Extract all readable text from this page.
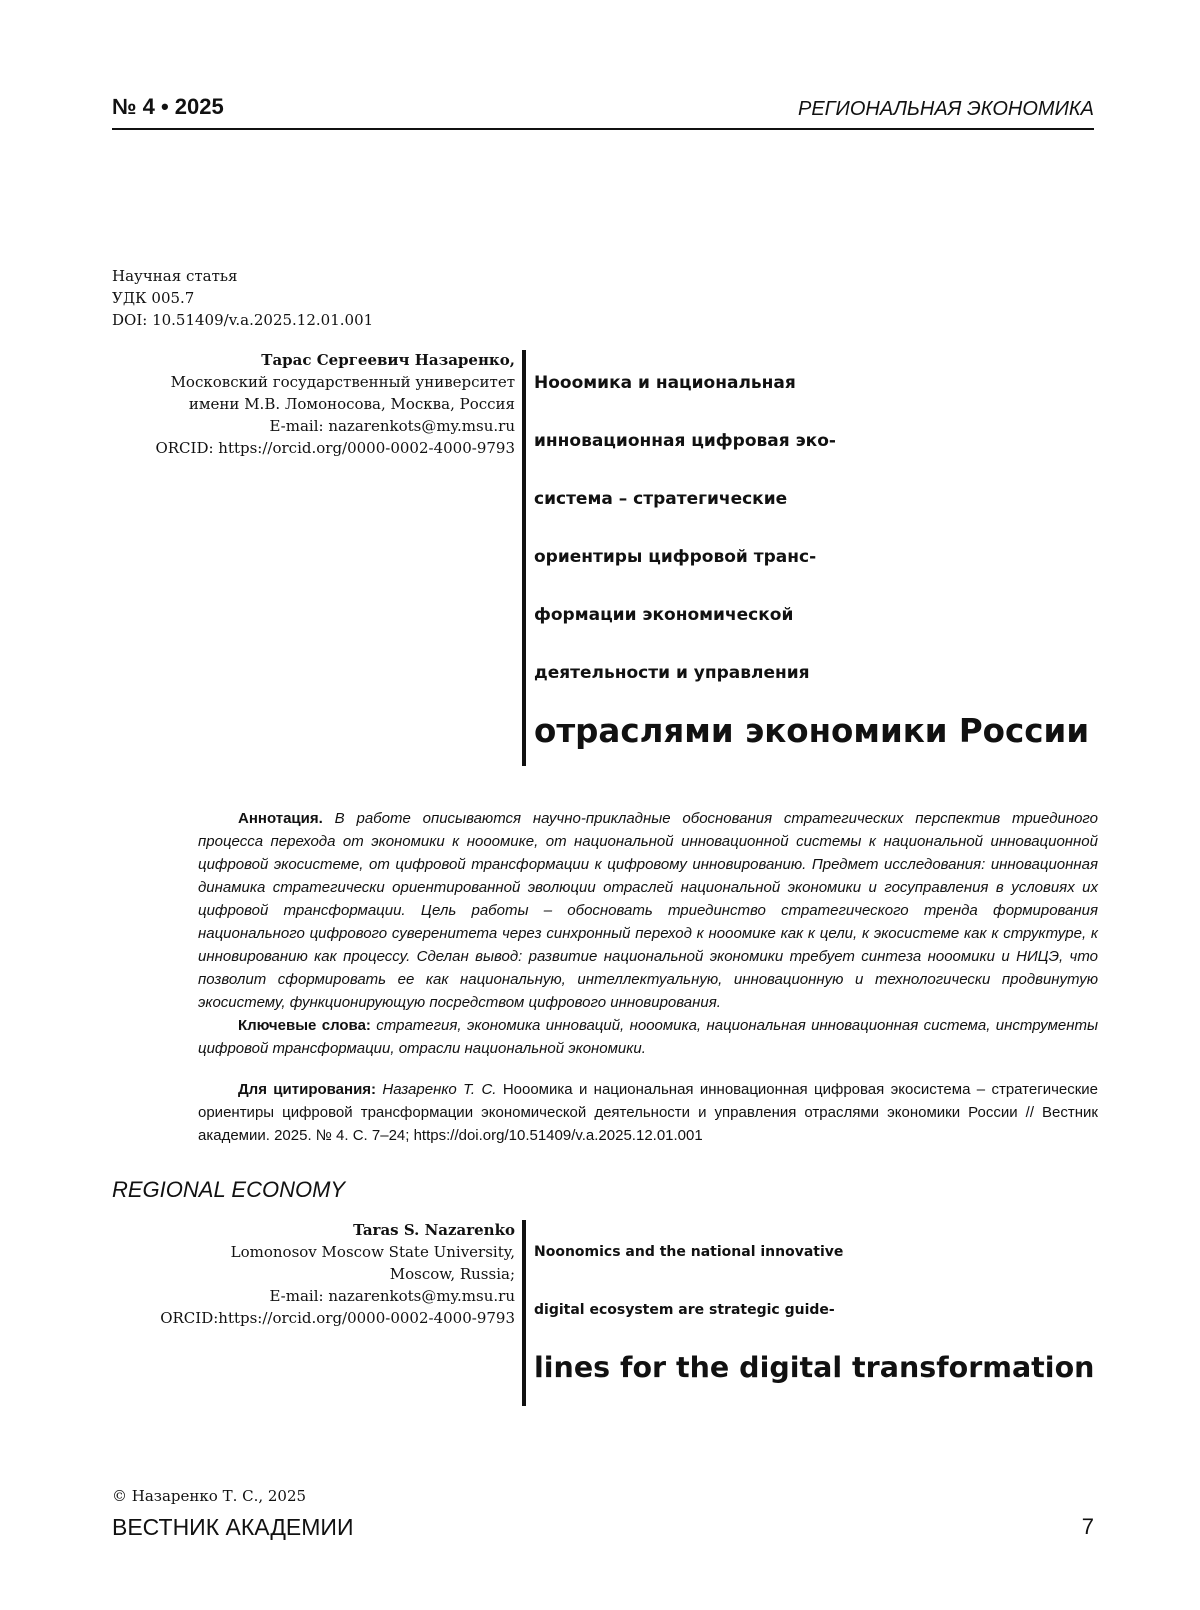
№ 4 • 2025	РЕГИОНАЛЬНАЯ ЭКОНОМИКА
Научная статья
УДК 005.7
DOI: 10.51409/v.a.2025.12.01.001
Тарас Сергеевич Назаренко,
Московский государственный университет
имени М.В. Ломоносова, Москва, Россия
E-mail: nazarenkots@my.msu.ru
ORCID: https://orcid.org/0000-0002-4000-9793
Нооомика и национальная
инновационная цифровая эко-
система – стратегические
ориентиры цифровой транс-
формации экономической
деятельности и управления
отраслями экономики России
Аннотация. В работе описываются научно-прикладные обоснования стратегических перспектив триединого процесса перехода от экономики к нооомике, от национальной инновационной системы к национальной инновационной цифровой экосистеме, от цифровой трансформации к цифровому инновированию. Предмет исследования: инновационная динамика стратегически ориентированной эволюции отраслей национальной экономики и госуправления в условиях их цифровой трансформации. Цель работы – обосновать триединство стратегического тренда формирования национального цифрового суверенитета через синхронный переход к нооомике как к цели, к экосистеме как к структуре, к инновированию как процессу. Сделан вывод: развитие национальной экономики требует синтеза нооомики и НИЦЭ, что позволит сформировать ее как национальную, интеллектуальную, инновационную и технологически продвинутую экосистему, функционирующую посредством цифрового инновирования.
Ключевые слова: стратегия, экономика инноваций, нооомика, национальная инновационная система, инструменты цифровой трансформации, отрасли национальной экономики.
Для цитирования: Назаренко Т. С. Нооомика и национальная инновационная цифровая экосистема – стратегические ориентиры цифровой трансформации экономической деятельности и управления отраслями экономики России // Вестник академии. 2025. № 4. С. 7–24; https://doi.org/10.51409/v.a.2025.12.01.001
REGIONAL ECONOMY
Taras S. Nazarenko
Lomonosov Moscow State University,
Moscow, Russia;
E-mail: nazarenkots@my.msu.ru
ORCID:https://orcid.org/0000-0002-4000-9793
Noonomics and the national innovative
digital ecosystem are strategic guide-
lines for the digital transformation
© Назаренко Т. С., 2025
ВЕСТНИК АКАДЕМИИ	7
